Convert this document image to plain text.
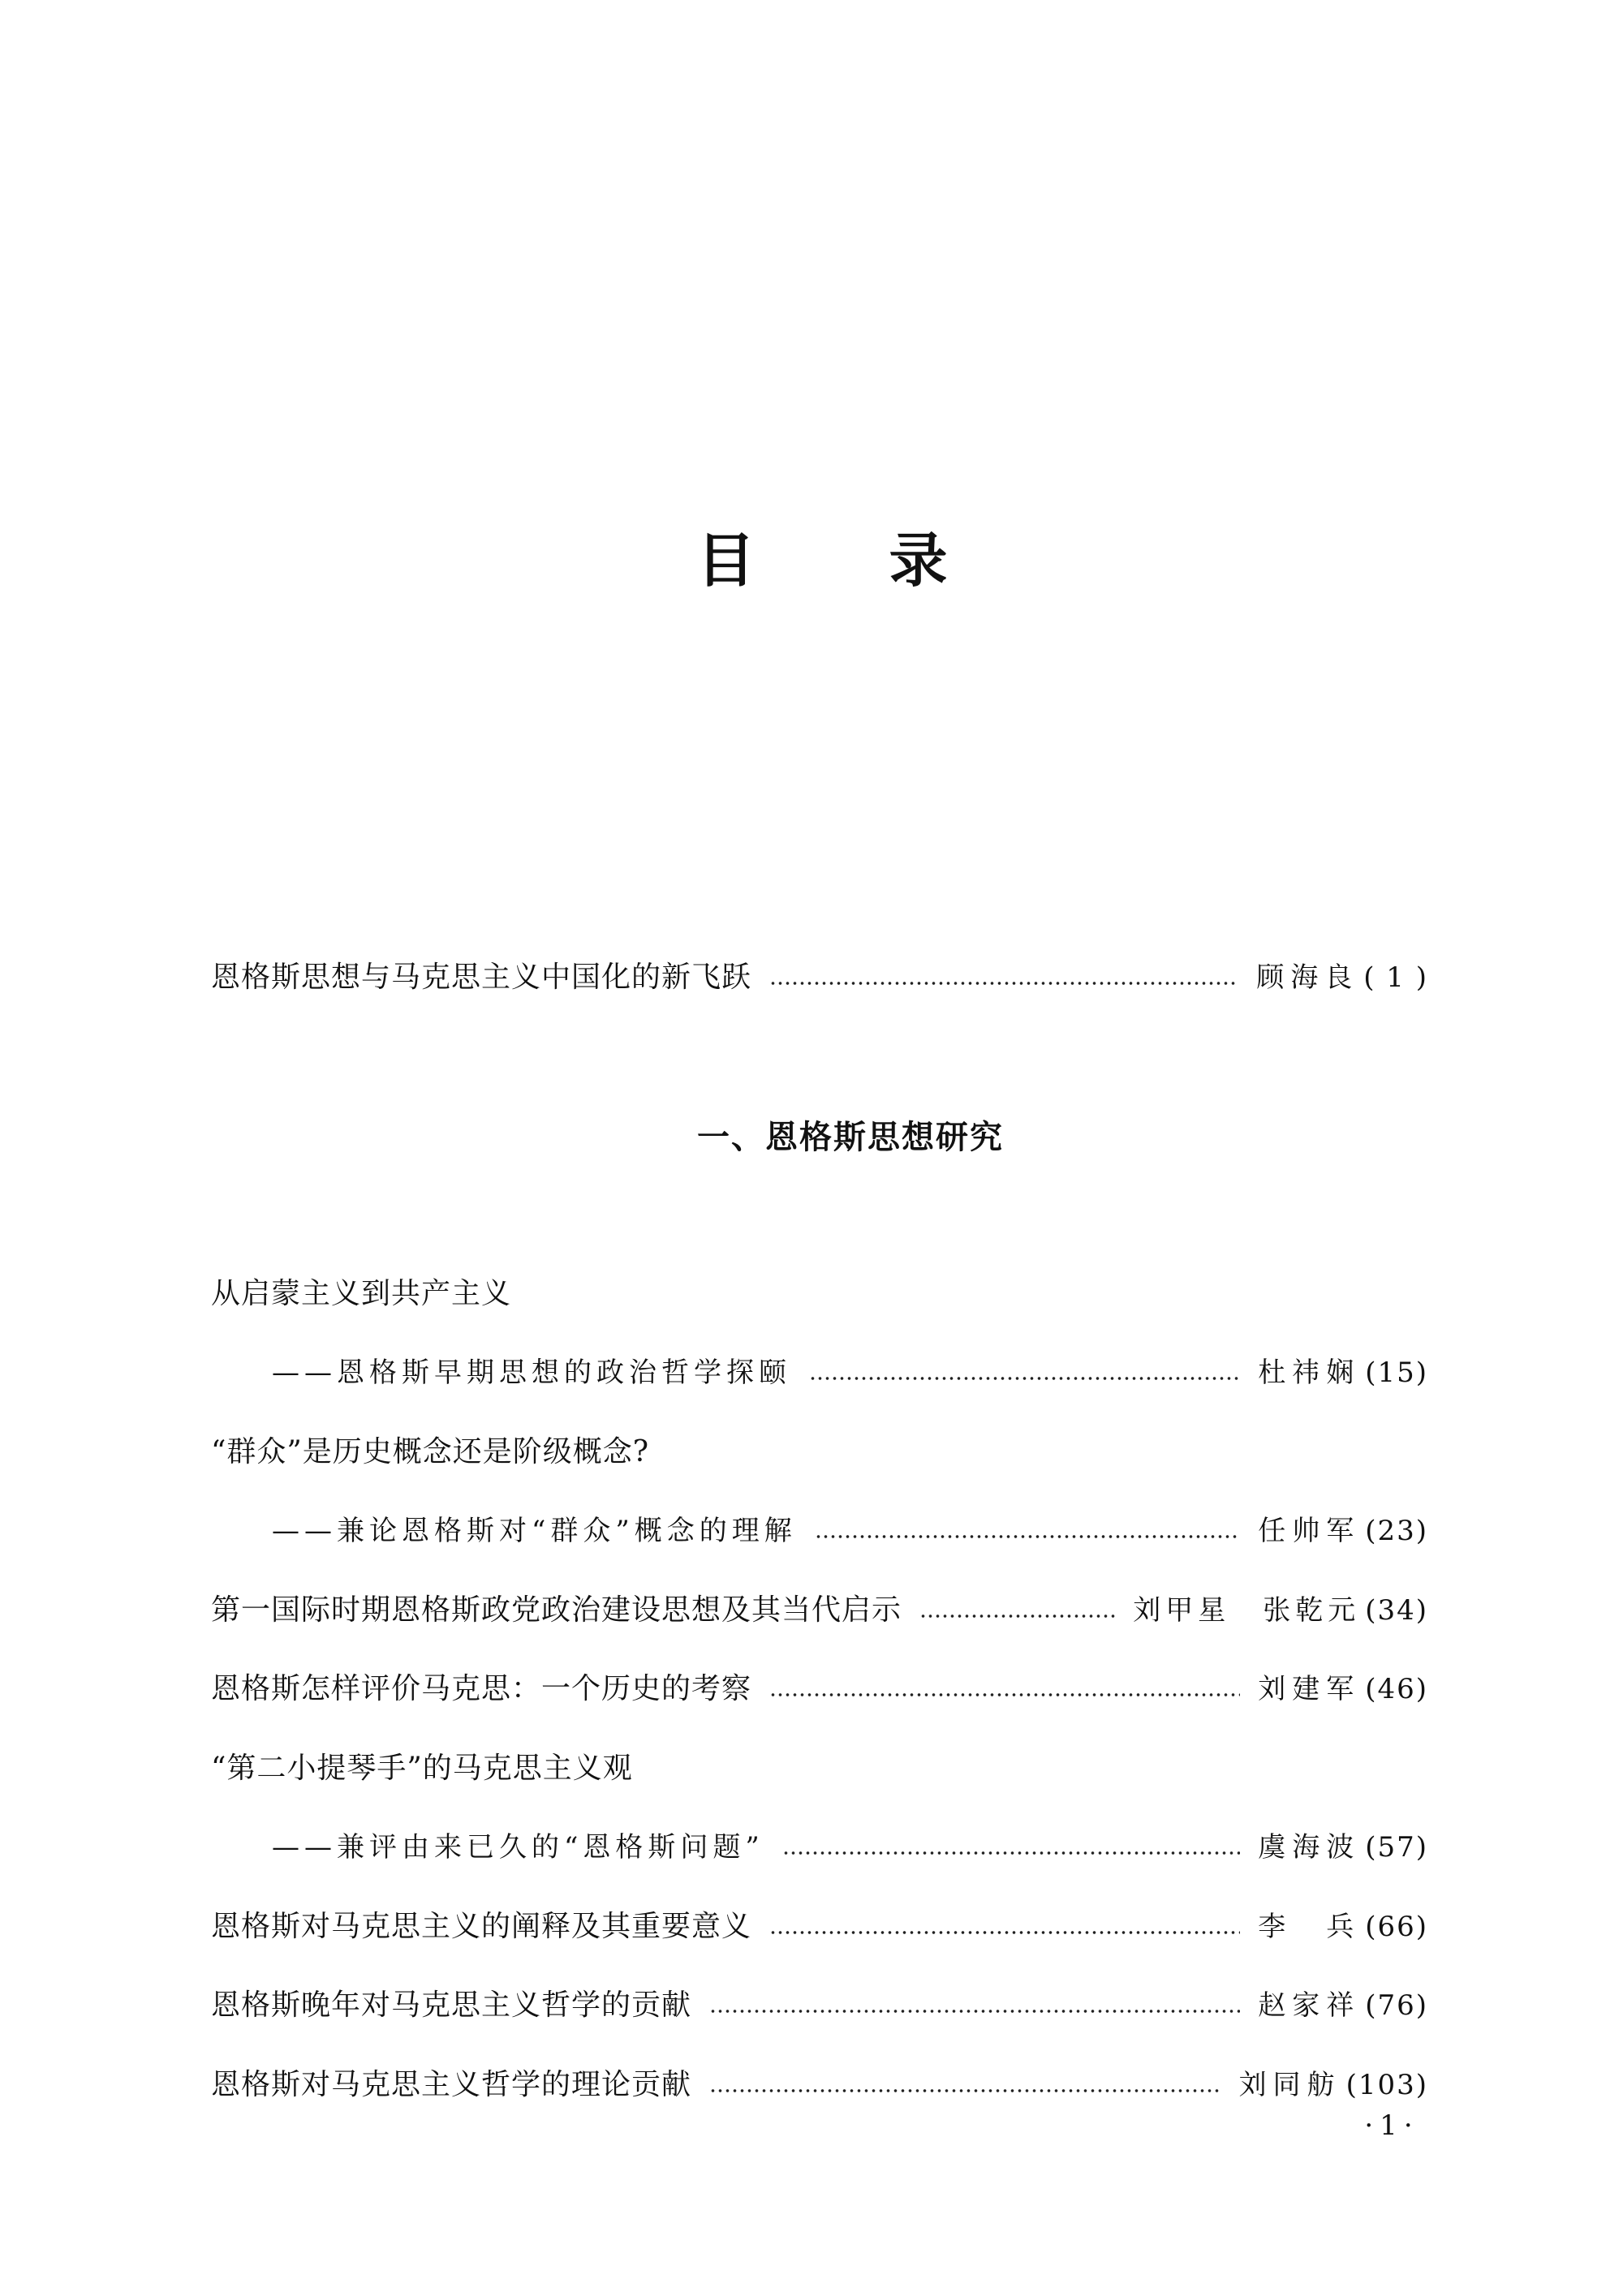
目 录
恩格斯思想与马克思主义中国化的新飞跃	顾海良 ( 1 )
一、恩格斯思想研究
从启蒙主义到共产主义
——恩格斯早期思想的政治哲学探颐	杜祎娴 (15)
“群众”是历史概念还是阶级概念?
——兼论恩格斯对“群众”概念的理解	任帅军 (23)
第一国际时期恩格斯政党政治建设思想及其当代启示	刘甲星　张乾元 (34)
恩格斯怎样评价马克思：一个历史的考察	刘建军 (46)
“第二小提琴手”的马克思主义观
——兼评由来已久的“恩格斯问题”	虞海波 (57)
恩格斯对马克思主义的阐释及其重要意义	李　兵 (66)
恩格斯晚年对马克思主义哲学的贡献	赵家祥 (76)
恩格斯对马克思主义哲学的理论贡献	刘同舫 (103)
·1·
